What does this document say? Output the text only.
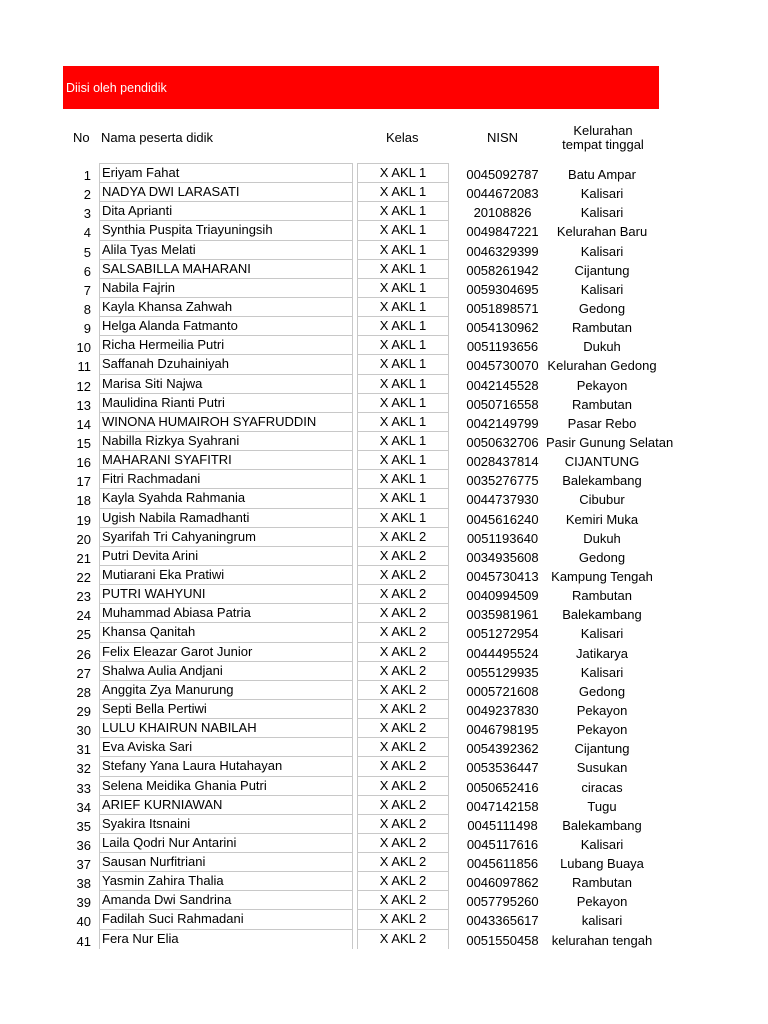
Diisi oleh pendidik
No Nama peserta didik	Kelas	NISN	Kelurahan
tempat tinggal
1 Eriyam Fahat	X AKL 1	0045092787	Batu Ampar
2 NADYA DWI LARASATI	X AKL 1	0044672083	Kalisari
3 Dita Aprianti	X AKL 1	20108826	Kalisari
4 Synthia Puspita Triayuningsih	X AKL 1	0049847221	Kelurahan Baru
5 Alila Tyas Melati	X AKL 1	0046329399	Kalisari
6 SALSABILLA MAHARANI	X AKL 1	0058261942	Cijantung
7 Nabila Fajrin	X AKL 1	0059304695	Kalisari
8 Kayla Khansa Zahwah	X AKL 1	0051898571	Gedong
9 Helga Alanda Fatmanto	X AKL 1	0054130962	Rambutan
10 Richa Hermeilia Putri	X AKL 1	0051193656	Dukuh
11 Saffanah Dzuhainiyah	X AKL 1	0045730070 Kelurahan Gedong
12 Marisa Siti Najwa	X AKL 1	0042145528	Pekayon
13 Maulidina Rianti Putri	X AKL 1	0050716558	Rambutan
14 WINONA HUMAIROH SYAFRUDDIN	X AKL 1	0042149799	Pasar Rebo
15 Nabilla Rizkya Syahrani	X AKL 1	0050632706 Pasir Gunung Selatan
16 MAHARANI SYAFITRI	X AKL 1	0028437814	CIJANTUNG
17 Fitri Rachmadani	X AKL 1	0035276775	Balekambang
18 Kayla Syahda Rahmania	X AKL 1	0044737930	Cibubur
19 Ugish Nabila Ramadhanti	X AKL 1	0045616240	Kemiri Muka
20 Syarifah Tri Cahyaningrum	X AKL 2	0051193640	Dukuh
21 Putri Devita Arini	X AKL 2	0034935608	Gedong
22 Mutiarani Eka Pratiwi	X AKL 2	0045730413 Kampung Tengah
23 PUTRI WAHYUNI	X AKL 2	0040994509	Rambutan
24 Muhammad Abiasa Patria	X AKL 2	0035981961	Balekambang
25 Khansa Qanitah	X AKL 2	0051272954	Kalisari
26 Felix Eleazar Garot Junior	X AKL 2	0044495524	Jatikarya
27 Shalwa Aulia Andjani	X AKL 2	0055129935	Kalisari
28 Anggita Zya Manurung	X AKL 2	0005721608	Gedong
29 Septi Bella Pertiwi	X AKL 2	0049237830	Pekayon
30 LULU KHAIRUN NABILAH	X AKL 2	0046798195	Pekayon
31 Eva Aviska Sari	X AKL 2	0054392362	Cijantung
32 Stefany Yana Laura Hutahayan	X AKL 2	0053536447	Susukan
33 Selena Meidika Ghania Putri	X AKL 2	0050652416	ciracas
34 ARIEF KURNIAWAN	X AKL 2	0047142158	Tugu
35 Syakira Itsnaini	X AKL 2	0045111498	Balekambang
36 Laila Qodri Nur Antarini	X AKL 2	0045117616	Kalisari
37 Sausan Nurfitriani	X AKL 2	0045611856	Lubang Buaya
38 Yasmin Zahira Thalia	X AKL 2	0046097862	Rambutan
39 Amanda Dwi Sandrina	X AKL 2	0057795260	Pekayon
40 Fadilah Suci Rahmadani	X AKL 2	0043365617	kalisari
41 Fera Nur Elia	X AKL 2	0051550458	kelurahan tengah
